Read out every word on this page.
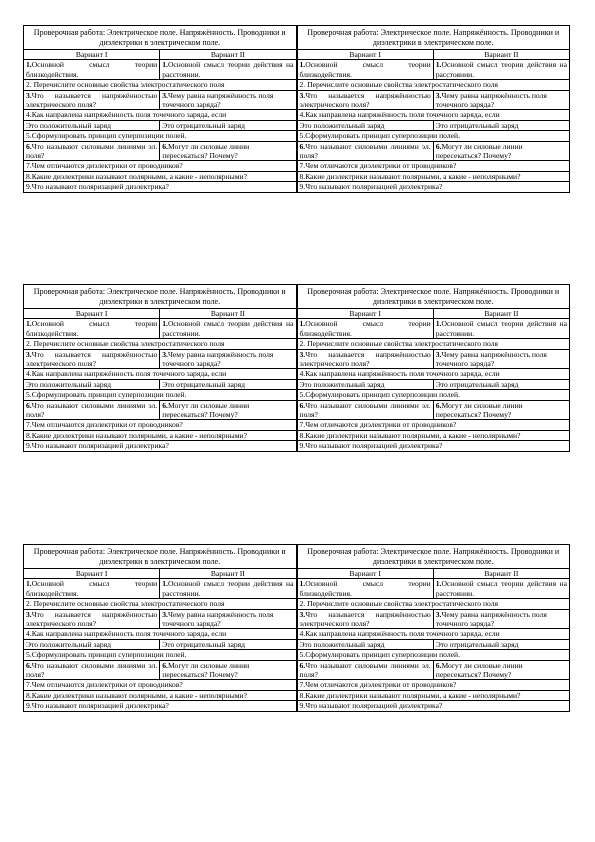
Проверочная работа: Электрическое поле. Напряжённость. Проводники и диэлектрики в электрическом поле.	
Вариант I	Вариант II
1.Основной смысл теории близкодействия.	1.Основной смысл теории действия на расстоянии.
2. Перечислите основные свойства электростатического поля	
3.Что называется напряжённостью электрического поля?	3.Чему равна напряжённость поля точечного заряда?
4.Как направлена напряжённость поля точечного заряда, если	
Это положительный заряд	Это отрицательный заряд
5.Сформулировать принцип суперпозиции полей.	
6.Что называют силовыми линиями эл. поля?	6.Могут ли силовые линии пересекаться? Почему?
7.Чем отличаются диэлектрики от проводников?	
8.Какие диэлектрики называют полярными, а какие - неполярными?	
9.Что называют поляризацией диэлектрика?	
Проверочная работа: Электрическое поле. Напряжённость. Проводники и диэлектрики в электрическом поле.	
Вариант I	Вариант II
1.Основной смысл теории близкодействия.	1.Основной смысл теории действия на расстоянии.
2. Перечислите основные свойства электростатического поля	
3.Что называется напряжённостью электрического поля?	3.Чему равна напряжённость поля точечного заряда?
4.Как направлена напряжённость поля точечного заряда, если	
Это положительный заряд	Это отрицательный заряд
5.Сформулировать принцип суперпозиции полей.	
6.Что называют силовыми линиями эл. поля?	6.Могут ли силовые линии пересекаться? Почему?
7.Чем отличаются диэлектрики от проводников?	
8.Какие диэлектрики называют полярными, а какие - неполярными?	
9.Что называют поляризацией диэлектрика?	
Проверочная работа: Электрическое поле. Напряжённость. Проводники и диэлектрики в электрическом поле.	
Вариант I	Вариант II
1.Основной смысл теории близкодействия.	1.Основной смысл теории действия на расстоянии.
2. Перечислите основные свойства электростатического поля	
3.Что называется напряжённостью электрического поля?	3.Чему равна напряжённость поля точечного заряда?
4.Как направлена напряжённость поля точечного заряда, если	
Это положительный заряд	Это отрицательный заряд
5.Сформулировать принцип суперпозиции полей.	
6.Что называют силовыми линиями эл. поля?	6.Могут ли силовые линии пересекаться? Почему?
7.Чем отличаются диэлектрики от проводников?	
8.Какие диэлектрики называют полярными, а какие - неполярными?	
9.Что называют поляризацией диэлектрика?	
Проверочная работа: Электрическое поле. Напряжённость. Проводники и диэлектрики в электрическом поле.	
Вариант I	Вариант II
1.Основной смысл теории близкодействия.	1.Основной смысл теории действия на расстоянии.
2. Перечислите основные свойства электростатического поля	
3.Что называется напряжённостью электрического поля?	3.Чему равна напряжённость поля точечного заряда?
4.Как направлена напряжённость поля точечного заряда, если	
Это положительный заряд	Это отрицательный заряд
5.Сформулировать принцип суперпозиции полей.	
6.Что называют силовыми линиями эл. поля?	6.Могут ли силовые линии пересекаться? Почему?
7.Чем отличаются диэлектрики от проводников?	
8.Какие диэлектрики называют полярными, а какие - неполярными?	
9.Что называют поляризацией диэлектрика?	
Проверочная работа: Электрическое поле. Напряжённость. Проводники и диэлектрики в электрическом поле.	
Вариант I	Вариант II
1.Основной смысл теории близкодействия.	1.Основной смысл теории действия на расстоянии.
2. Перечислите основные свойства электростатического поля	
3.Что называется напряжённостью электрического поля?	3.Чему равна напряжённость поля точечного заряда?
4.Как направлена напряжённость поля точечного заряда, если	
Это положительный заряд	Это отрицательный заряд
5.Сформулировать принцип суперпозиции полей.	
6.Что называют силовыми линиями эл. поля?	6.Могут ли силовые линии пересекаться? Почему?
7.Чем отличаются диэлектрики от проводников?	
8.Какие диэлектрики называют полярными, а какие - неполярными?	
9.Что называют поляризацией диэлектрика?	
Проверочная работа: Электрическое поле. Напряжённость. Проводники и диэлектрики в электрическом поле.	
Вариант I	Вариант II
1.Основной смысл теории близкодействия.	1.Основной смысл теории действия на расстоянии.
2. Перечислите основные свойства электростатического поля	
3.Что называется напряжённостью электрического поля?	3.Чему равна напряжённость поля точечного заряда?
4.Как направлена напряжённость поля точечного заряда, если	
Это положительный заряд	Это отрицательный заряд
5.Сформулировать принцип суперпозиции полей.	
6.Что называют силовыми линиями эл. поля?	6.Могут ли силовые линии пересекаться? Почему?
7.Чем отличаются диэлектрики от проводников?	
8.Какие диэлектрики называют полярными, а какие - неполярными?	
9.Что называют поляризацией диэлектрика?	
